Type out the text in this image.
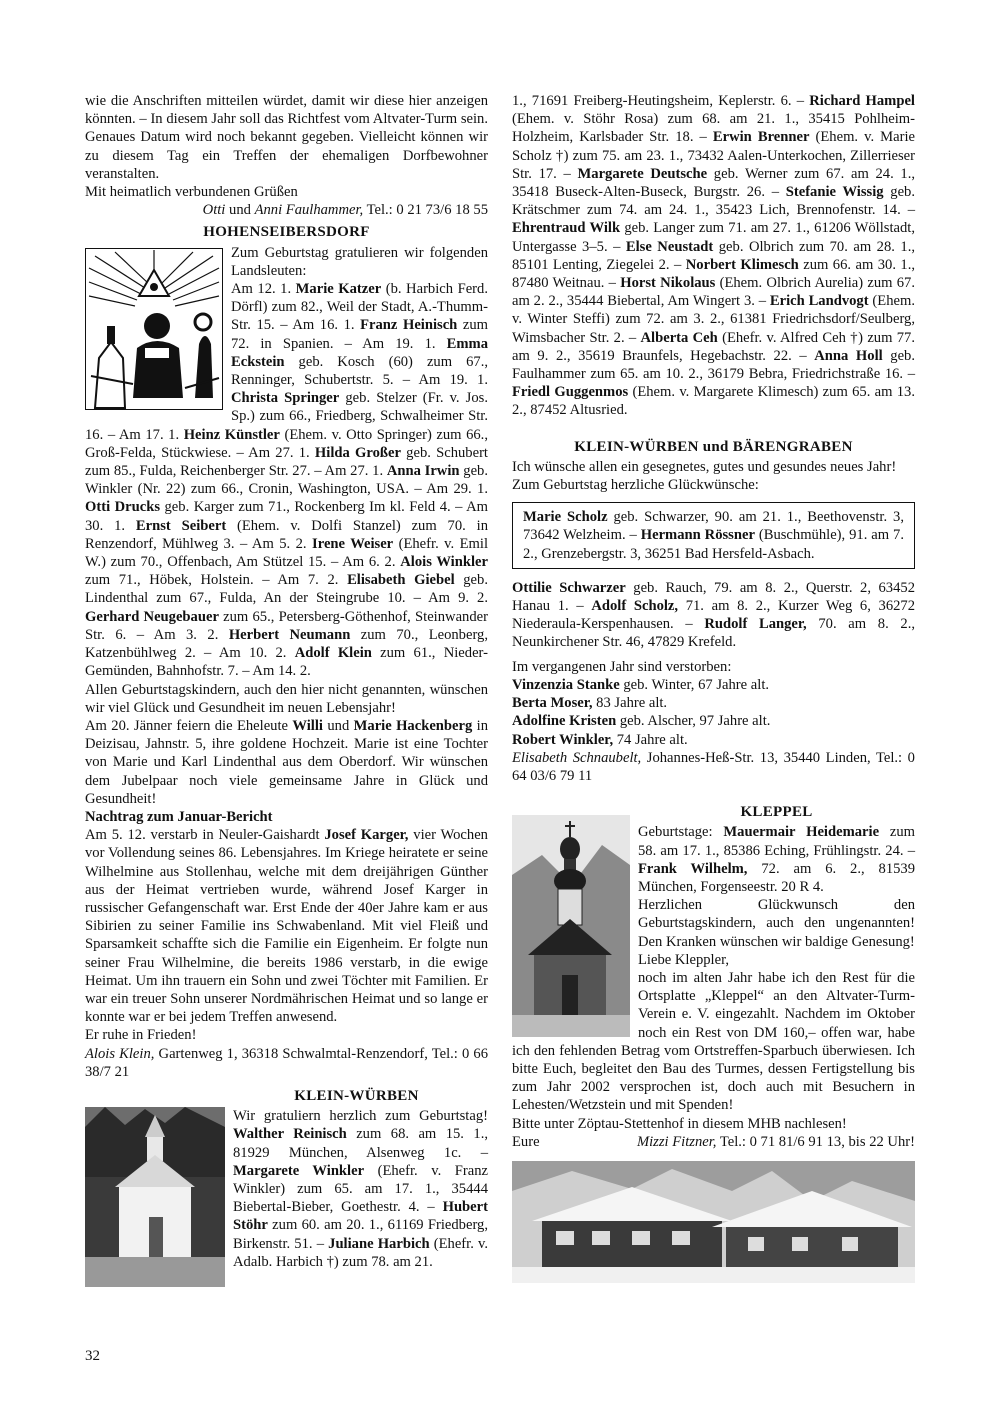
wie die Anschriften mitteilen würdet, damit wir diese hier anzeigen könnten. – In diesem Jahr soll das Richtfest vom Altvater-Turm sein. Genaues Datum wird noch bekannt gegeben. Vielleicht können wir zu diesem Tag ein Treffen der ehemaligen Dorfbewohner veranstalten.

Mit heimatlich verbundenen Grüßen

Otti und Anni Faulhammer, Tel.: 0 21 73/6 18 55

HOHENSEIBERSDORF

Zum Geburtstag gratulieren wir folgenden Landsleuten:

Am 12. 1. Marie Katzer (b. Harbich Ferd. Dörfl) zum 82., Weil der Stadt, A.-Thumm-Str. 15. – Am 16. 1. Franz Heinisch zum 72. in Spanien. – Am 19. 1. Emma Eckstein geb. Kosch (60) zum 67., Renninger, Schubertstr. 5. – Am 19. 1. Christa Springer geb. Stelzer (Fr. v. Jos. Sp.) zum 66., Friedberg, Schwalheimer Str. 16. – Am 17. 1. Heinz Künstler (Ehem. v. Otto Springer) zum 66., Groß-Felda, Stückwiese. – Am 27. 1. Hilda Großer geb. Schubert zum 85., Fulda, Reichenberger Str. 27. – Am 27. 1. Anna Irwin geb. Winkler (Nr. 22) zum 66., Cronin, Washington, USA. – Am 29. 1. Otti Drucks geb. Karger zum 71., Rockenberg Im kl. Feld 4. – Am 30. 1. Ernst Seibert (Ehem. v. Dolfi Stanzel) zum 70. in Renzendorf, Mühlweg 3. – Am 5. 2. Irene Weiser (Ehefr. v. Emil W.) zum 70., Offenbach, Am Stützel 15. – Am 6. 2. Alois Winkler zum 71., Höbek, Holstein. – Am 7. 2. Elisabeth Giebel geb. Lindenthal zum 67., Fulda, An der Steingrube 10. – Am 9. 2. Gerhard Neugebauer zum 65., Petersberg-Göthenhof, Steinwander Str. 6. – Am 3. 2. Herbert Neumann zum 70., Leonberg, Katzenbühlweg 2. – Am 10. 2. Adolf Klein zum 61., Nieder-Gemünden, Bahnhofstr. 7. – Am 14. 2.

Allen Geburtstagskindern, auch den hier nicht genannten, wünschen wir viel Glück und Gesundheit im neuen Lebensjahr!

Am 20. Jänner feiern die Eheleute Willi und Marie Hackenberg in Deizisau, Jahnstr. 5, ihre goldene Hochzeit. Marie ist eine Tochter von Marie und Karl Lindenthal aus dem Oberdorf. Wir wünschen dem Jubelpaar noch viele gemeinsame Jahre in Glück und Gesundheit!

Nachtrag zum Januar-Bericht

Am 5. 12. verstarb in Neuler-Gaishardt Josef Karger, vier Wochen vor Vollendung seines 86. Lebensjahres. Im Kriege heiratete er seine Wilhelmine aus Stollenhau, welche mit dem dreijährigen Günther aus der Heimat vertrieben wurde, während Josef Karger in russischer Gefangenschaft war. Erst Ende der 40er Jahre kam er aus Sibirien zu seiner Familie ins Schwabenland. Mit viel Fleiß und Sparsamkeit schaffte sich die Familie ein Eigenheim. Er folgte nun seiner Frau Wilhelmine, die bereits 1986 verstarb, in die ewige Heimat. Um ihn trauern ein Sohn und zwei Töchter mit Familien. Er war ein treuer Sohn unserer Nordmährischen Heimat und so lange er konnte war er bei jedem Treffen anwesend.

Er ruhe in Frieden!

Alois Klein, Gartenweg 1, 36318 Schwalmtal-Renzendorf, Tel.: 0 66 38/7 21

KLEIN-WÜRBEN

Wir gratuliern herzlich zum Geburtstag! Walther Reinisch zum 68. am 15. 1., 81929 München, Alsenweg 1c. – Margarete Winkler (Ehefr. v. Franz Winkler) zum 65. am 17. 1., 35444 Biebertal-Bieber, Goethestr. 4. – Hubert Stöhr zum 60. am 20. 1., 61169 Friedberg, Birkenstr. 51. – Juliane Harbich (Ehefr. v. Adalb. Harbich †) zum 78. am 21.

1., 71691 Freiberg-Heutingsheim, Keplerstr. 6. – Richard Hampel (Ehem. v. Stöhr Rosa) zum 68. am 21. 1., 35415 Pohlheim-Holzheim, Karlsbader Str. 18. – Erwin Brenner (Ehem. v. Marie Scholz †) zum 75. am 23. 1., 73432 Aalen-Unterkochen, Zillerrieser Str. 17. – Margarete Deutsche geb. Werner zum 67. am 24. 1., 35418 Buseck-Alten-Buseck, Burgstr. 26. – Stefanie Wissig geb. Krätschmer zum 74. am 24. 1., 35423 Lich, Brennofenstr. 14. – Ehrentraud Wilk geb. Langer zum 71. am 27. 1., 61206 Wöllstadt, Untergasse 3–5. – Else Neustadt geb. Olbrich zum 70. am 28. 1., 85101 Lenting, Ziegelei 2. – Norbert Klimesch zum 66. am 30. 1., 87480 Weitnau. – Horst Nikolaus (Ehem. Olbrich Aurelia) zum 67. am 2. 2., 35444 Biebertal, Am Wingert 3. – Erich Landvogt (Ehem. v. Winter Steffi) zum 72. am 3. 2., 61381 Friedrichsdorf/Seulberg, Wimsbacher Str. 2. – Alberta Ceh (Ehefr. v. Alfred Ceh †) zum 77. am 9. 2., 35619 Braunfels, Hegebachstr. 22. – Anna Holl geb. Faulhammer zum 65. am 10. 2., 36179 Bebra, Friedrichstraße 16. – Friedl Guggenmos (Ehem. v. Margarete Klimesch) zum 65. am 13. 2., 87452 Altusried.

KLEIN-WÜRBEN und BÄRENGRABEN

Ich wünsche allen ein gesegnetes, gutes und gesundes neues Jahr!

Zum Geburtstag herzliche Glückwünsche:

Marie Scholz geb. Schwarzer, 90. am 21. 1., Beethovenstr. 3, 73642 Welzheim. – Hermann Rössner (Buschmühle), 91. am 7. 2., Grenzebergstr. 3, 36251 Bad Hersfeld-Asbach.

Ottilie Schwarzer geb. Rauch, 79. am 8. 2., Querstr. 2, 63452 Hanau 1. – Adolf Scholz, 71. am 8. 2., Kurzer Weg 6, 36272 Niederaula-Kerspenhausen. – Rudolf Langer, 70. am 8. 2., Neunkirchener Str. 46, 47829 Krefeld.

Im vergangenen Jahr sind verstorben:

Vinzenzia Stanke geb. Winter, 67 Jahre alt.

Berta Moser, 83 Jahre alt.

Adolfine Kristen geb. Alscher, 97 Jahre alt.

Robert Winkler, 74 Jahre alt.

Elisabeth Schnaubelt, Johannes-Heß-Str. 13, 35440 Linden, Tel.: 0 64 03/6 79 11

KLEPPEL

Geburtstage: Mauermair Heidemarie zum 58. am 17. 1., 85386 Eching, Frühlingstr. 24. – Frank Wilhelm, 72. am 6. 2., 81539 München, Forgenseestr. 20 R 4.

Herzlichen Glückwunsch den Geburtstagskindern, auch den ungenannten! Den Kranken wünschen wir baldige Genesung!

Liebe Kleppler,

noch im alten Jahr habe ich den Rest für die Ortsplatte „Kleppel“ an den Altvater-Turm-Verein e. V. eingezahlt. Nachdem im Oktober noch ein Rest von DM 160,– offen war, habe ich den fehlenden Betrag vom Ortstreffen-Sparbuch überwiesen. Ich bitte Euch, begleitet den Bau des Turmes, dessen Fertigstellung bis zum Jahr 2002 versprochen ist, doch auch mit Besuchern in Lehesten/Wetzstein und mit Spenden!

Bitte unter Zöptau-Stettenhof in diesem MHB nachlesen!

Eure	Mizzi Fitzner, Tel.: 0 71 81/6 91 13, bis 22 Uhr!

32
